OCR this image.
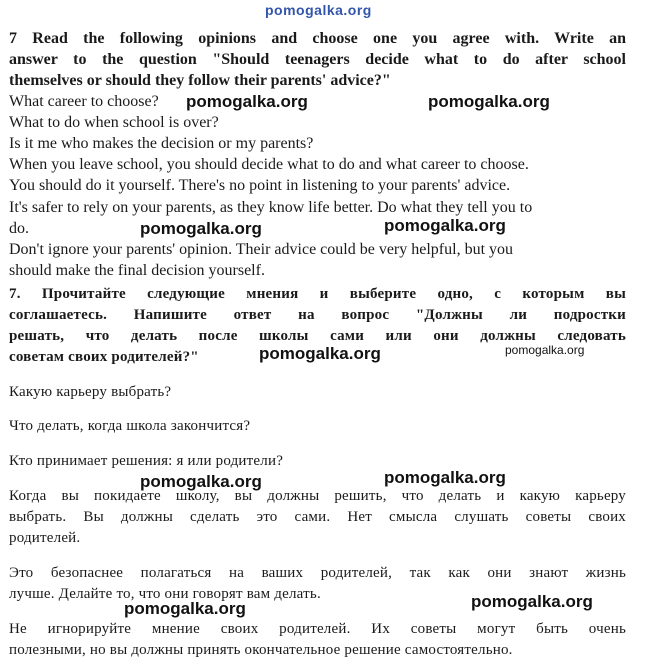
7 Read the following opinions and choose one you agree with. Write an
answer to the question "Should teenagers decide what to do after school
themselves or should they follow their parents' advice?"
What career to choose?
What to do when school is over?
Is it me who makes the decision or my parents?
When you leave school, you should decide what to do and what career to choose.
You should do it yourself. There's no point in listening to your parents' advice.
It's safer to rely on your parents, as they know life better. Do what they tell you to
do.
Don't ignore your parents' opinion. Their advice could be very helpful, but you
should make the final decision yourself.
7. Прочитайте следующие мнения и выберите одно, с которым вы
соглашаетесь. Напишите ответ на вопрос "Должны ли подростки
решать, что делать после школы сами или они должны следовать
советам своих родителей?"
Какую карьеру выбрать?
Что делать, когда школа закончится?
Кто принимает решения: я или родители?
Когда вы покидаете школу, вы должны решить, что делать и какую карьеру
выбрать. Вы должны сделать это сами. Нет смысла слушать советы своих
родителей.
Это безопаснее полагаться на ваших родителей, так как они знают жизнь
лучше. Делайте то, что они говорят вам делать.
Не игнорируйте мнение своих родителей. Их советы могут быть очень
полезными, но вы должны принять окончательное решение самостоятельно.
pomogalka.org
pomogalka.org	pomogalka.org
pomogalka.org	pomogalka.org
pomogalka.org	pomogalka.org
pomogalka.org
pomogalka.org
pomogalka.org	pomogalka.org
